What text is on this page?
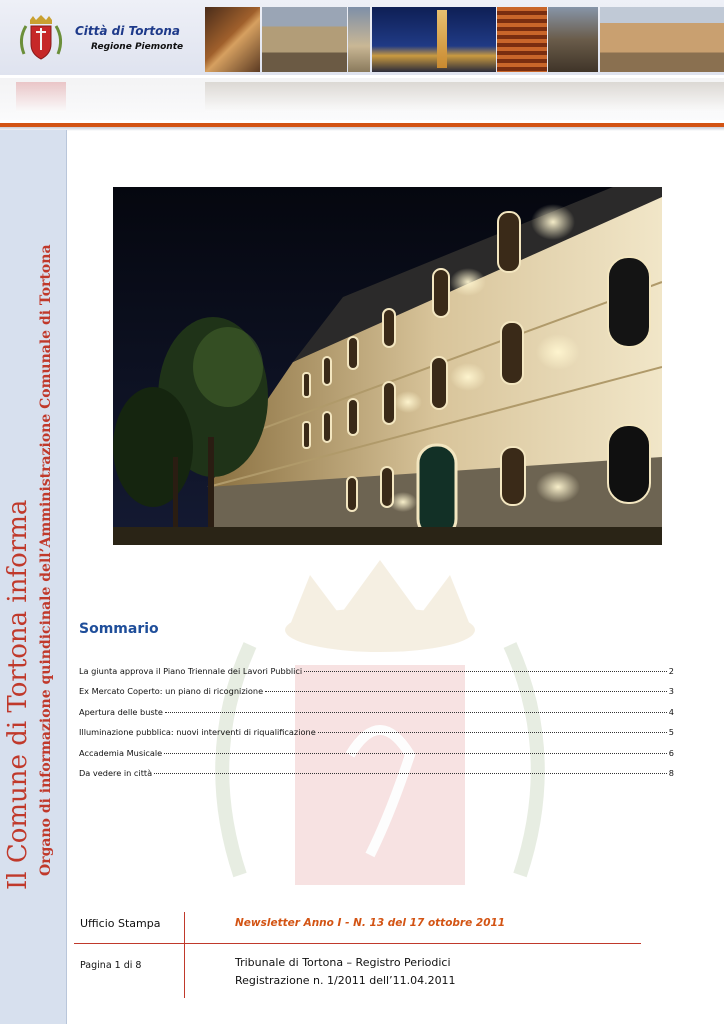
Città di Tortona
Regione Piemonte
Il Comune di Tortona informa Organo di informazione quindicinale dell’Amministrazione Comunale di Tortona Sommario
La giunta approva il Piano Triennale dei Lavori Pubblici	2
Ex Mercato Coperto: un piano di ricognizione	3
Apertura delle buste	4
Illuminazione pubblica: nuovi interventi di riqualificazione	5
Accademia Musicale	6
Da vedere in città	8
Ufficio Stampa	Newsletter Anno I - N. 13 del 17 ottobre 2011
Pagina 1 di 8	Tribunale di Tortona – Registro Periodici
Registrazione n. 1/2011 dell’11.04.2011
